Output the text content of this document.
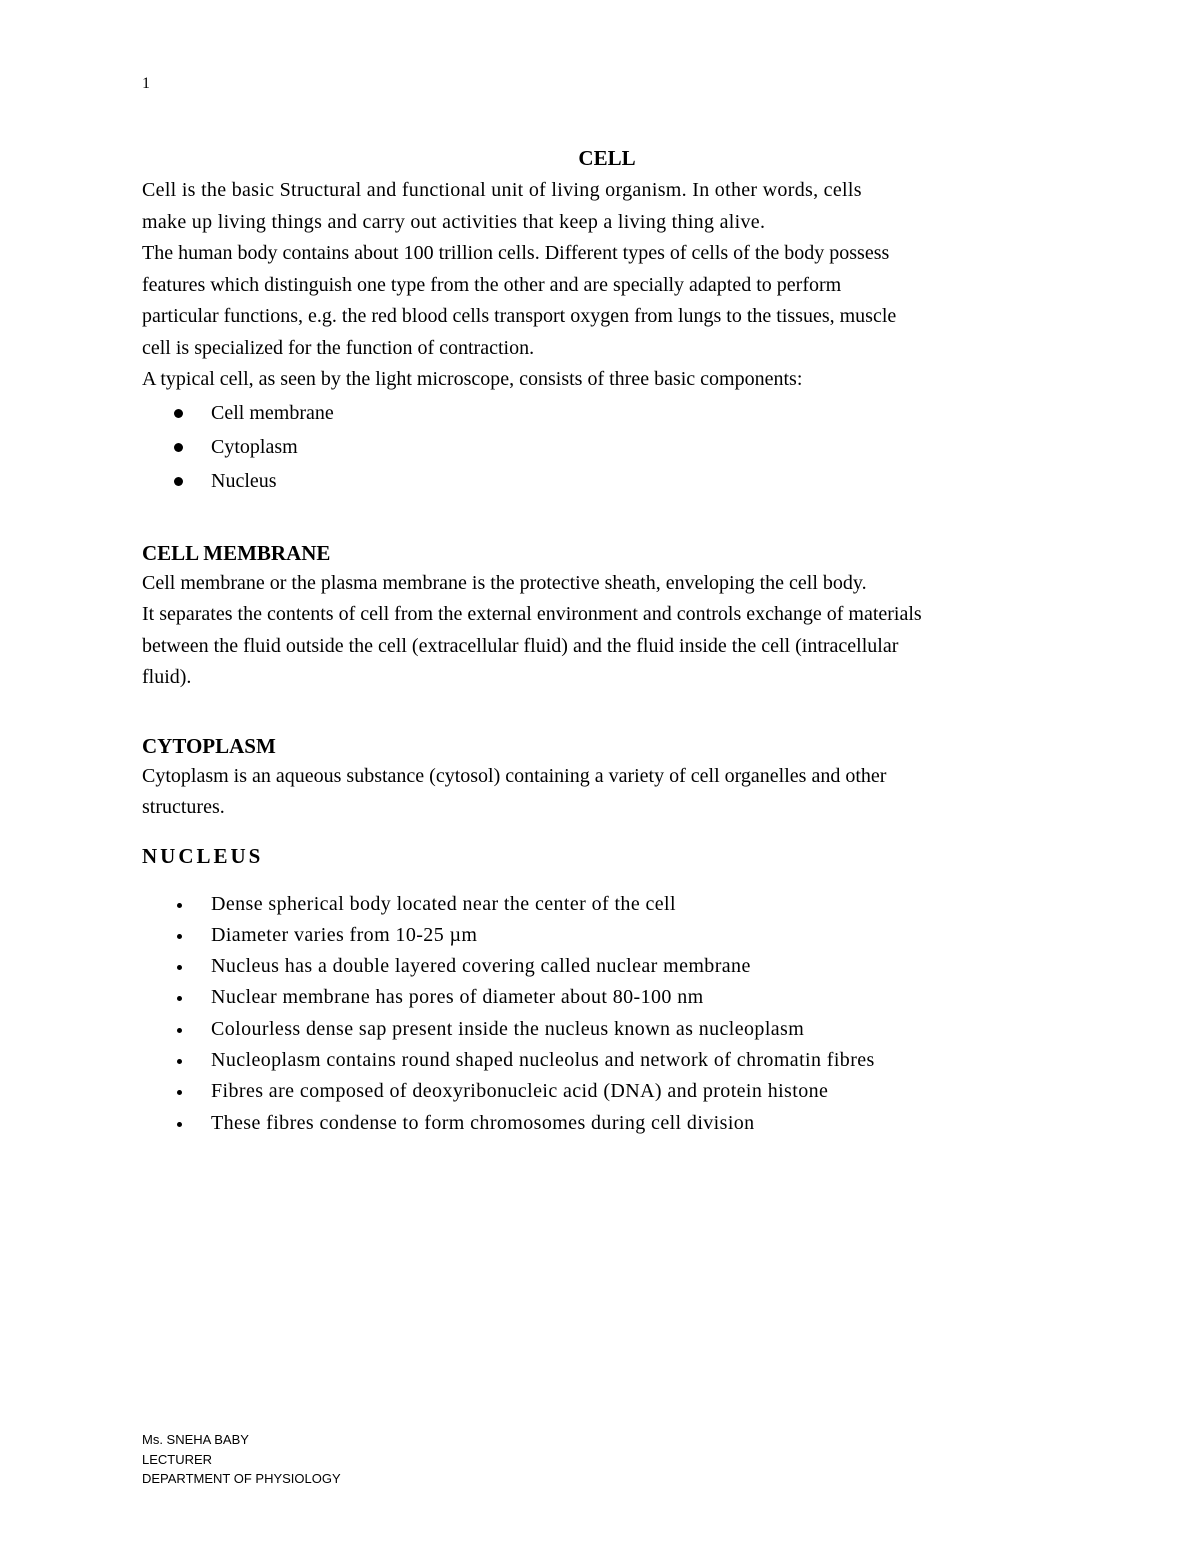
1
CELL

Cell is the basic Structural and functional unit of living organism. In other words, cells

make up living things and carry out activities that keep a living thing alive.

The human body contains about 100 trillion cells. Different types of cells of the body possess

features which distinguish one type from the other and are specially adapted to perform

particular functions, e.g. the red blood cells transport oxygen from lungs to the tissues, muscle

cell is specialized for the function of contraction.

A typical cell, as seen by the light microscope, consists of three basic components:

Cell membrane
Cytoplasm
Nucleus
CELL MEMBRANE

Cell membrane or the plasma membrane is the protective sheath, enveloping the cell body.

It separates the contents of cell from the external environment and controls exchange of materials

between the fluid outside the cell (extracellular fluid) and the fluid inside the cell (intracellular

fluid).

CYTOPLASM

Cytoplasm is an aqueous substance (cytosol) containing a variety of cell organelles and other

structures.

NUCLEUS
Dense spherical body located near the center of the cell
Diameter varies from 10-25 µm
Nucleus has a double layered covering called nuclear membrane
Nuclear membrane has pores of diameter about 80-100 nm
Colourless dense sap present inside the nucleus known as nucleoplasm
Nucleoplasm contains round shaped nucleolus and network of chromatin fibres
Fibres are composed of deoxyribonucleic acid (DNA) and protein histone
These fibres condense to form chromosomes during cell division
Ms. SNEHA BABY
LECTURER
DEPARTMENT OF PHYSIOLOGY
